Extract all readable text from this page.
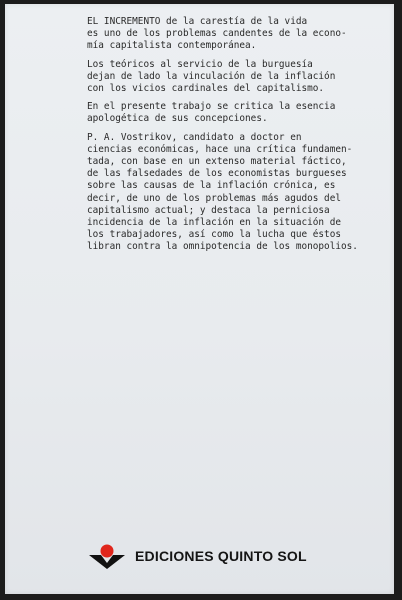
EL INCREMENTO de la carestía de la vida
es uno de los problemas candentes de la econo-
mía capitalista contemporánea.

Los teóricos al servicio de la burguesía
dejan de lado la vinculación de la inflación
con los vicios cardinales del capitalismo.

En el presente trabajo se critica la esencia
apologética de sus concepciones.

P. A. Vostrikov, candidato a doctor en
ciencias económicas, hace una crítica fundamen-
tada, con base en un extenso material fáctico,
de las falsedades de los economistas burgueses
sobre las causas de la inflación crónica, es
decir, de uno de los problemas más agudos del
capitalismo actual; y destaca la perniciosa
incidencia de la inflación en la situación de
los trabajadores, así como la lucha que éstos
libran contra la omnipotencia de los monopolios.

EDICIONES QUINTO SOL
